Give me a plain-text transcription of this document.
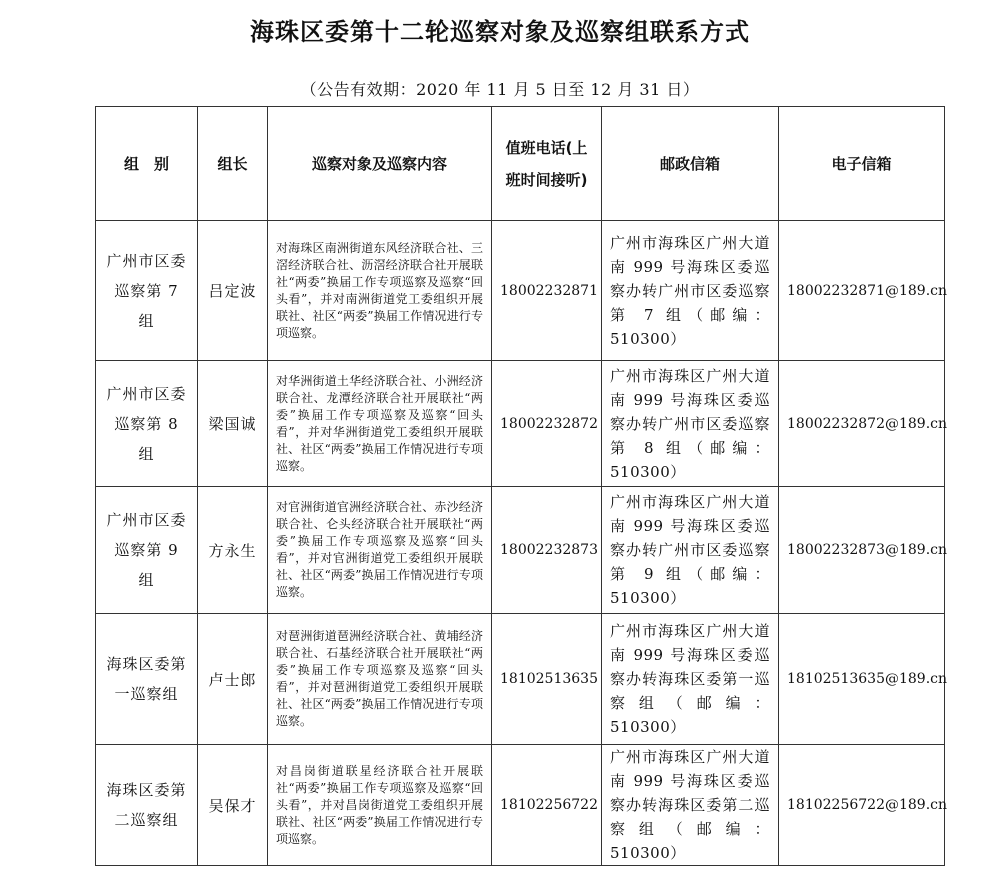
海珠区委第十二轮巡察对象及巡察组联系方式
（公告有效期：2020 年 11 月 5 日至 12 月 31 日）
组　别	组长	巡察对象及巡察内容	值班电话(上班时间接听)	邮政信箱	电子信箱
广州市区委巡察第 7 组	吕定波	对海珠区南洲街道东风经济联合社、三滘经济联合社、沥滘经济联合社开展联社“两委”换届工作专项巡察及巡察“回头看”，并对南洲街道党工委组织开展联社、社区“两委”换届工作情况进行专项巡察。	18002232871	广州市海珠区广州大道南 999 号海珠区委巡察办转广州市区委巡察第 7 组（邮编：510300）	18002232871@189.cn
广州市区委巡察第 8 组	梁国诚	对华洲街道土华经济联合社、小洲经济联合社、龙潭经济联合社开展联社“两委”换届工作专项巡察及巡察“回头看”，并对华洲街道党工委组织开展联社、社区“两委”换届工作情况进行专项巡察。	18002232872	广州市海珠区广州大道南 999 号海珠区委巡察办转广州市区委巡察第 8 组（邮编：510300）	18002232872@189.cn
广州市区委巡察第 9 组	方永生	对官洲街道官洲经济联合社、赤沙经济联合社、仑头经济联合社开展联社“两委”换届工作专项巡察及巡察“回头看”，并对官洲街道党工委组织开展联社、社区“两委”换届工作情况进行专项巡察。	18002232873	广州市海珠区广州大道南 999 号海珠区委巡察办转广州市区委巡察第 9 组（邮编：510300）	18002232873@189.cn
海珠区委第一巡察组	卢士郎	对琶洲街道琶洲经济联合社、黄埔经济联合社、石基经济联合社开展联社“两委”换届工作专项巡察及巡察“回头看”，并对琶洲街道党工委组织开展联社、社区“两委”换届工作情况进行专项巡察。	18102513635	广州市海珠区广州大道南 999 号海珠区委巡察办转海珠区委第一巡察组（邮编：510300）	18102513635@189.cn
海珠区委第二巡察组	吴保才	对昌岗街道联星经济联合社开展联社“两委”换届工作专项巡察及巡察“回头看”，并对昌岗街道党工委组织开展联社、社区“两委”换届工作情况进行专项巡察。	18102256722	广州市海珠区广州大道南 999 号海珠区委巡察办转海珠区委第二巡察组（邮编：510300）	18102256722@189.cn
